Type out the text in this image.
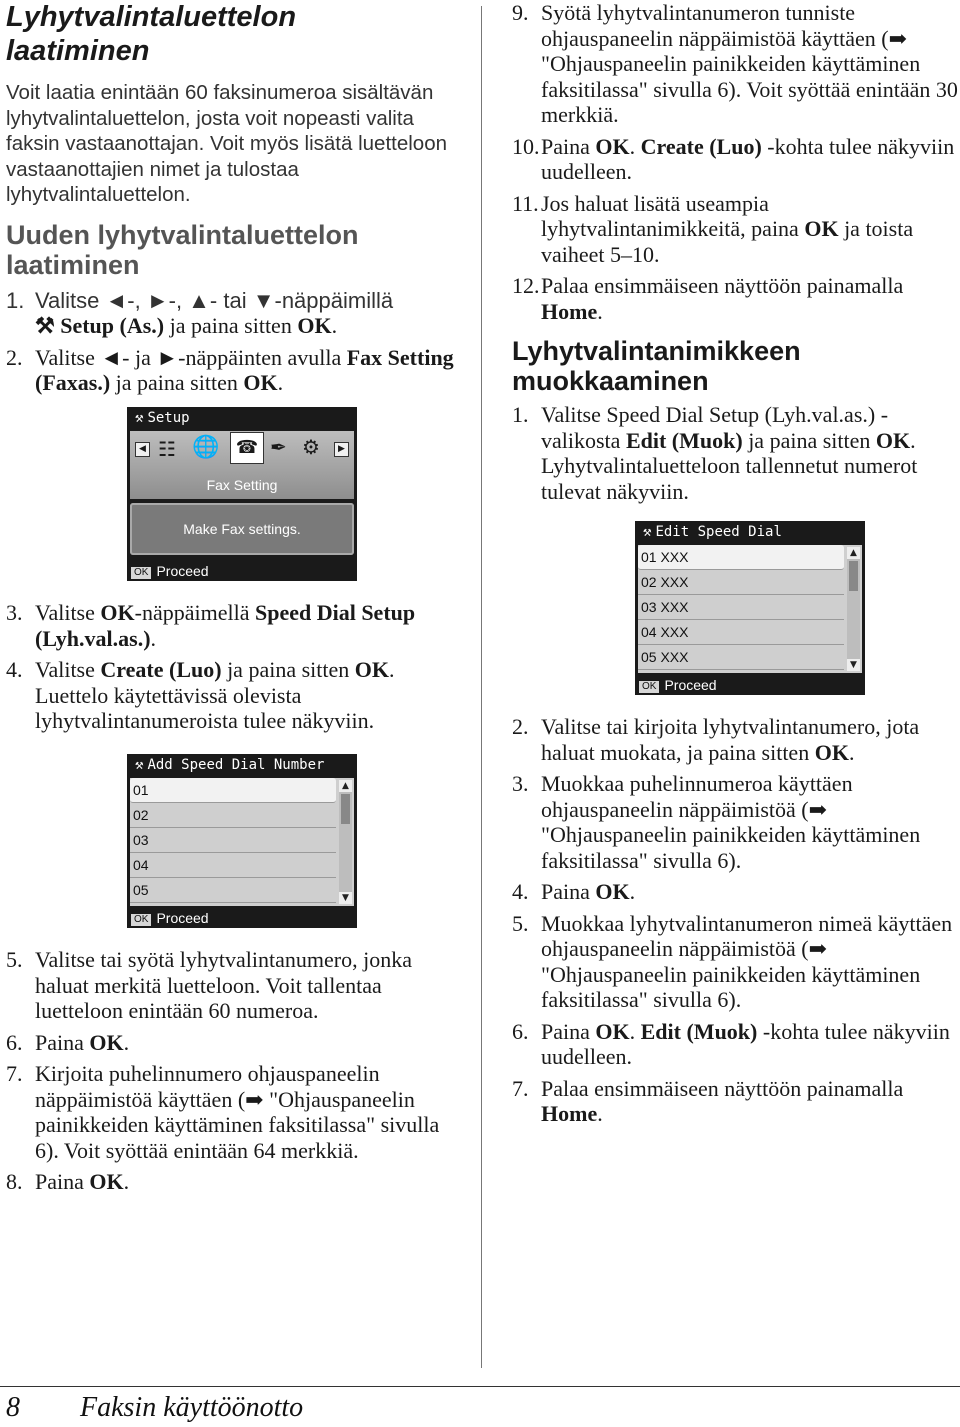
Lyhytvalintaluettelon laatiminen

Voit laatia enintään 60 faksinumeroa sisältävän lyhytvalintaluettelon, josta voit nopeasti valita faksin vastaanottajan. Voit myös lisätä luetteloon vastaanottajien nimet ja tulostaa lyhytvalintaluettelon.

Uuden lyhytvalintaluettelon laatiminen
1. Valitse ◄-, ►-, ▲- tai ▼-näppäimillä
⚒ Setup (As.) ja paina sitten OK.
2. Valitse ◄- ja ►-näppäinten avulla Fax Setting (Faxas.) ja paina sitten OK.
⚒ Setup
◀ ☷ 🌐 ☎ ✒ ⚙	▶
Fax Setting
Make Fax settings.
OK Proceed
3. Valitse OK-näppäimellä Speed Dial Setup (Lyh.val.as.).
4. Valitse Create (Luo) ja paina sitten OK. Luettelo käytettävissä olevista lyhytvalintanumeroista tulee näkyviin.
⚒ Add Speed Dial Number
01
02
03
04
05
▲
▼
OK Proceed
5. Valitse tai syötä lyhytvalintanumero, jonka haluat merkitä luetteloon. Voit tallentaa luetteloon enintään 60 numeroa.
6. Paina OK.
7. Kirjoita puhelinnumero ohjauspaneelin näppäimistöä käyttäen (➡ "Ohjauspaneelin painikkeiden käyttäminen faksitilassa" sivulla 6). Voit syöttää enintään 64 merkkiä.
8. Paina OK.
9. Syötä lyhytvalintanumeron tunniste ohjauspaneelin näppäimistöä käyttäen (➡ "Ohjauspaneelin painikkeiden käyttäminen faksitilassa" sivulla 6). Voit syöttää enintään 30 merkkiä.
10. Paina OK. Create (Luo) -kohta tulee näkyviin uudelleen.
11. Jos haluat lisätä useampia lyhytvalintanimikkeitä, paina OK ja toista vaiheet 5–10.
12. Palaa ensimmäiseen näyttöön painamalla Home.
Lyhytvalintanimikkeen muokkaaminen
1. Valitse Speed Dial Setup (Lyh.val.as.) -valikosta Edit (Muok) ja paina sitten OK. Lyhytvalintaluetteloon tallennetut numerot tulevat näkyviin.
⚒ Edit Speed Dial
01 XXX
02 XXX
03 XXX
04 XXX
05 XXX
▲
▼
OK Proceed
2. Valitse tai kirjoita lyhytvalintanumero, jota haluat muokata, ja paina sitten OK.
3. Muokkaa puhelinnumeroa käyttäen ohjauspaneelin näppäimistöä (➡ "Ohjauspaneelin painikkeiden käyttäminen faksitilassa" sivulla 6).
4. Paina OK.
5. Muokkaa lyhytvalintanumeron nimeä käyttäen ohjauspaneelin näppäimistöä (➡ "Ohjauspaneelin painikkeiden käyttäminen faksitilassa" sivulla 6).
6. Paina OK. Edit (Muok) -kohta tulee näkyviin uudelleen.
7. Palaa ensimmäiseen näyttöön painamalla Home.
8 Faksin käyttöönotto
